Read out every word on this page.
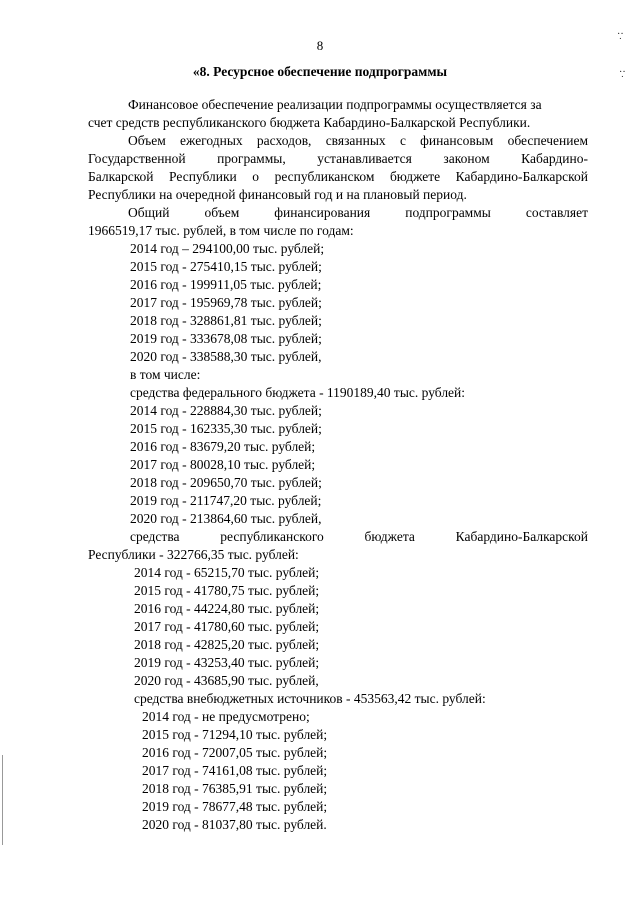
8
·̣·
·̣·
«8. Ресурсное обеспечение подпрограммы
Финансовое обеспечение реализации подпрограммы осуществляется за
счет средств республиканского бюджета Кабардино-Балкарской Республики.
Объем ежегодных расходов, связанных с финансовым обеспечением
Государственной программы, устанавливается законом Кабардино-
Балкарской Республики о республиканском бюджете Кабардино-Балкарской
Республики на очередной финансовый год и на плановый период.
Общий объем финансирования подпрограммы составляет
1966519,17 тыс. рублей, в том числе по годам:
2014 год – 294100,00 тыс. рублей;
2015 год - 275410,15 тыс. рублей;
2016 год - 199911,05 тыс. рублей;
2017 год - 195969,78 тыс. рублей;
2018 год - 328861,81 тыс. рублей;
2019 год - 333678,08 тыс. рублей;
2020 год - 338588,30 тыс. рублей,
в том числе:
средства федерального бюджета - 1190189,40 тыс. рублей:
2014 год - 228884,30 тыс. рублей;
2015 год - 162335,30 тыс. рублей;
2016 год - 83679,20 тыс. рублей;
2017 год - 80028,10 тыс. рублей;
2018 год - 209650,70 тыс. рублей;
2019 год - 211747,20 тыс. рублей;
2020 год - 213864,60 тыс. рублей,
средства республиканского бюджета Кабардино-Балкарской
Республики - 322766,35 тыс. рублей:
2014 год - 65215,70 тыс. рублей;
2015 год - 41780,75 тыс. рублей;
2016 год - 44224,80 тыс. рублей;
2017 год - 41780,60 тыс. рублей;
2018 год - 42825,20 тыс. рублей;
2019 год - 43253,40 тыс. рублей;
2020 год - 43685,90 тыс. рублей,
средства внебюджетных источников - 453563,42 тыс. рублей:
2014 год - не предусмотрено;
2015 год - 71294,10 тыс. рублей;
2016 год - 72007,05 тыс. рублей;
2017 год - 74161,08 тыс. рублей;
2018 год - 76385,91 тыс. рублей;
2019 год - 78677,48 тыс. рублей;
2020 год - 81037,80 тыс. рублей.
